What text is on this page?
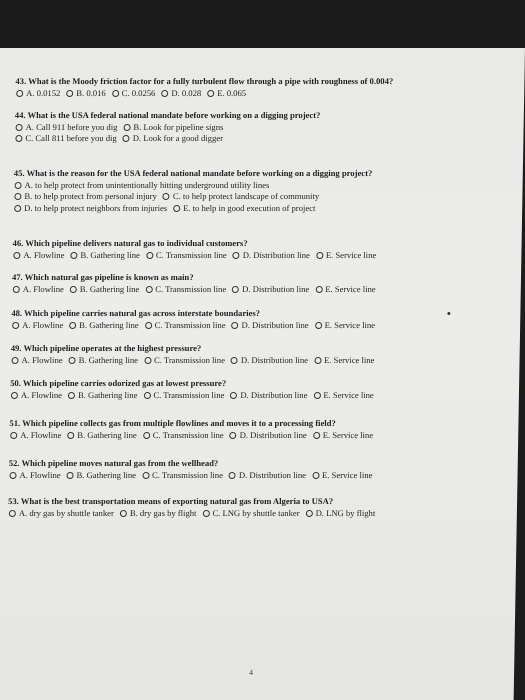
43. What is the Moody friction factor for a fully turbulent flow through a pipe with roughness of 0.004?
A. 0.0152 B. 0.016 C. 0.0256 D. 0.028 E. 0.065
44. What is the USA federal national mandate before working on a digging project?
A. Call 911 before you dig B. Look for pipeline signs
C. Call 811 before you dig D. Look for a good digger
45. What is the reason for the USA federal national mandate before working on a digging project?
A. to help protect from unintentionally hitting underground utility lines
B. to help protect from personal injury C. to help protect landscape of community
D. to help protect neighbors from injuries E. to help in good execution of project
46. Which pipeline delivers natural gas to individual customers?
A. Flowline B. Gathering line C. Transmission line D. Distribution line E. Service line
47. Which natural gas pipeline is known as main?
A. Flowline B. Gathering line C. Transmission line D. Distribution line E. Service line
48. Which pipeline carries natural gas across interstate boundaries?
A. Flowline B. Gathering line C. Transmission line D. Distribution line E. Service line
49. Which pipeline operates at the highest pressure?
A. Flowline B. Gathering line C. Transmission line D. Distribution line E. Service line
50. Which pipeline carries odorized gas at lowest pressure?
A. Flowline B. Gathering line C. Transmission line D. Distribution line E. Service line
51. Which pipeline collects gas from multiple flowlines and moves it to a processing field?
A. Flowline B. Gathering line C. Transmission line D. Distribution line E. Service line
52. Which pipeline moves natural gas from the wellhead?
A. Flowline B. Gathering line C. Transmission line D. Distribution line E. Service line
53. What is the best transportation means of exporting natural gas from Algeria to USA?
A. dry gas by shuttle tanker B. dry gas by flight C. LNG by shuttle tanker D. LNG by flight
4
